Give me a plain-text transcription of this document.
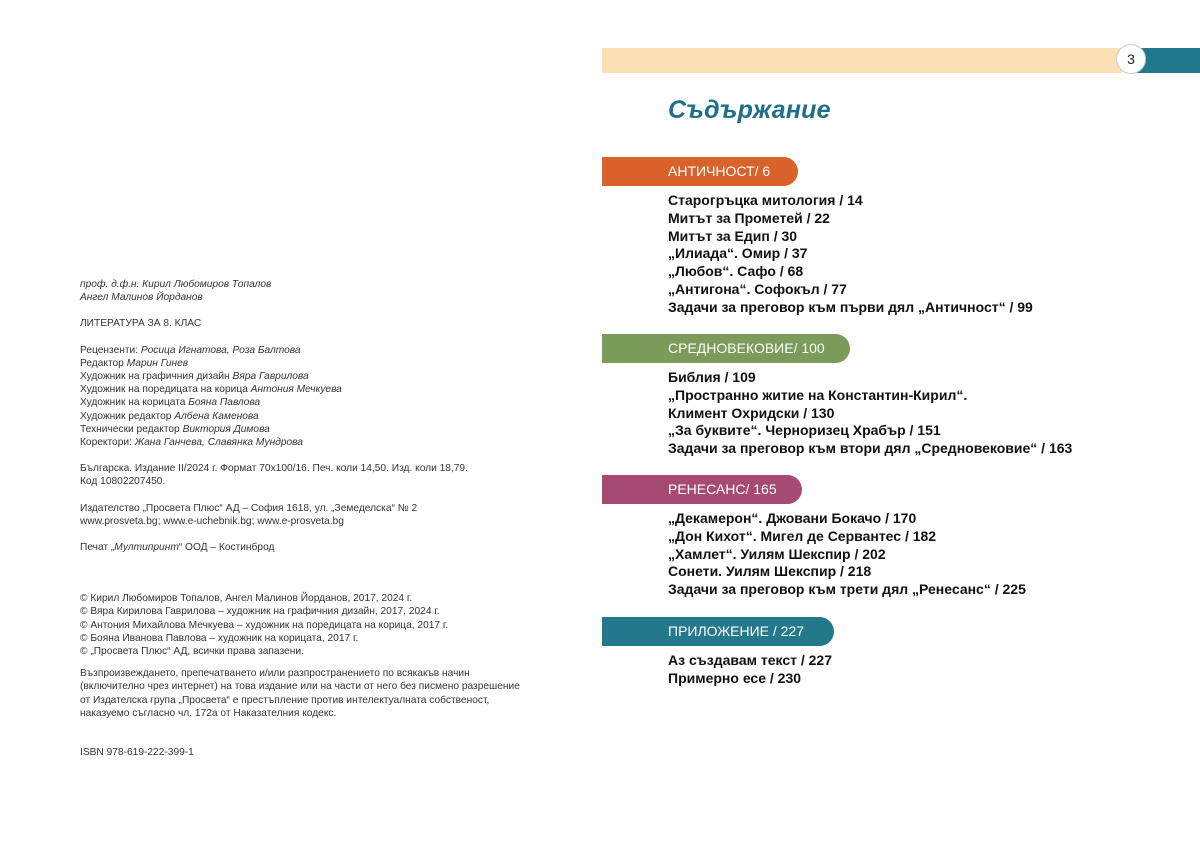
проф. д.ф.н. Кирил Любомиров Топалов
Ангел Малинов Йорданов
ЛИТЕРАТУРА ЗА 8. КЛАС
Рецензенти: Росица Игнатова, Роза Балтова
Редактор Марин Гинев
Художник на графичния дизайн Вяра Гаврилова
Художник на поредицата на корица Антония Мечкуева
Художник на корицата Бояна Павлова
Художник редактор Албена Каменова
Технически редактор Виктория Димова
Коректори: Жана Ганчева, Славянка Мундрова
Българска. Издание II/2024 г. Формат 70х100/16. Печ. коли 14,50. Изд. коли 18,79.
Код 10802207450.
Издателство „Просвета Плюс“ АД – София 1618, ул. „Земеделска“ № 2
www.prosveta.bg; www.e-uchebnik.bg; www.e-prosveta.bg
Печат „Мултипринт“ ООД – Костинброд
© Кирил Любомиров Топалов, Ангел Малинов Йорданов, 2017, 2024 г.
© Вяра Кирилова Гаврилова – художник на графичния дизайн, 2017, 2024 г.
© Антония Михайлова Мечкуева – художник на поредицата на корица, 2017 г.
© Бояна Иванова Павлова – художник на корицата, 2017 г.
© „Просвета Плюс“ АД, всички права запазени.
Възпроизвеждането, препечатването и/или разпространението по всякакъв начин
(включително чрез интернет) на това издание или на части от него без писмено разрешение
от Издателска група „Просвета“ е престъпление против интелектуалната собственост,
наказуемо съгласно чл. 172а от Наказателния кодекс.
ISBN 978-619-222-399-1
3
Съдържание
АНТИЧНОСТ/ 6
Старогръцка митология / 14
Митът за Прометей / 22
Митът за Едип / 30
„Илиада“. Омир / 37
„Любов“. Сафо / 68
„Антигона“. Софокъл / 77
Задачи за преговор към първи дял „Античност“ / 99
СРЕДНОВЕКОВИЕ/ 100
Библия / 109
„Пространно житие на Константин-Кирил“.
Климент Охридски / 130
„За буквите“. Черноризец Храбър / 151
Задачи за преговор към втори дял „Средновековие“ / 163
РЕНЕСАНС/ 165
„Декамерон“. Джовани Бокачо / 170
„Дон Кихот“. Мигел де Сервантес / 182
„Хамлет“. Уилям Шекспир / 202
Сонети. Уилям Шекспир / 218
Задачи за преговор към трети дял „Ренесанс“ / 225
ПРИЛОЖЕНИЕ / 227
Аз създавам текст / 227
Примерно есе / 230
